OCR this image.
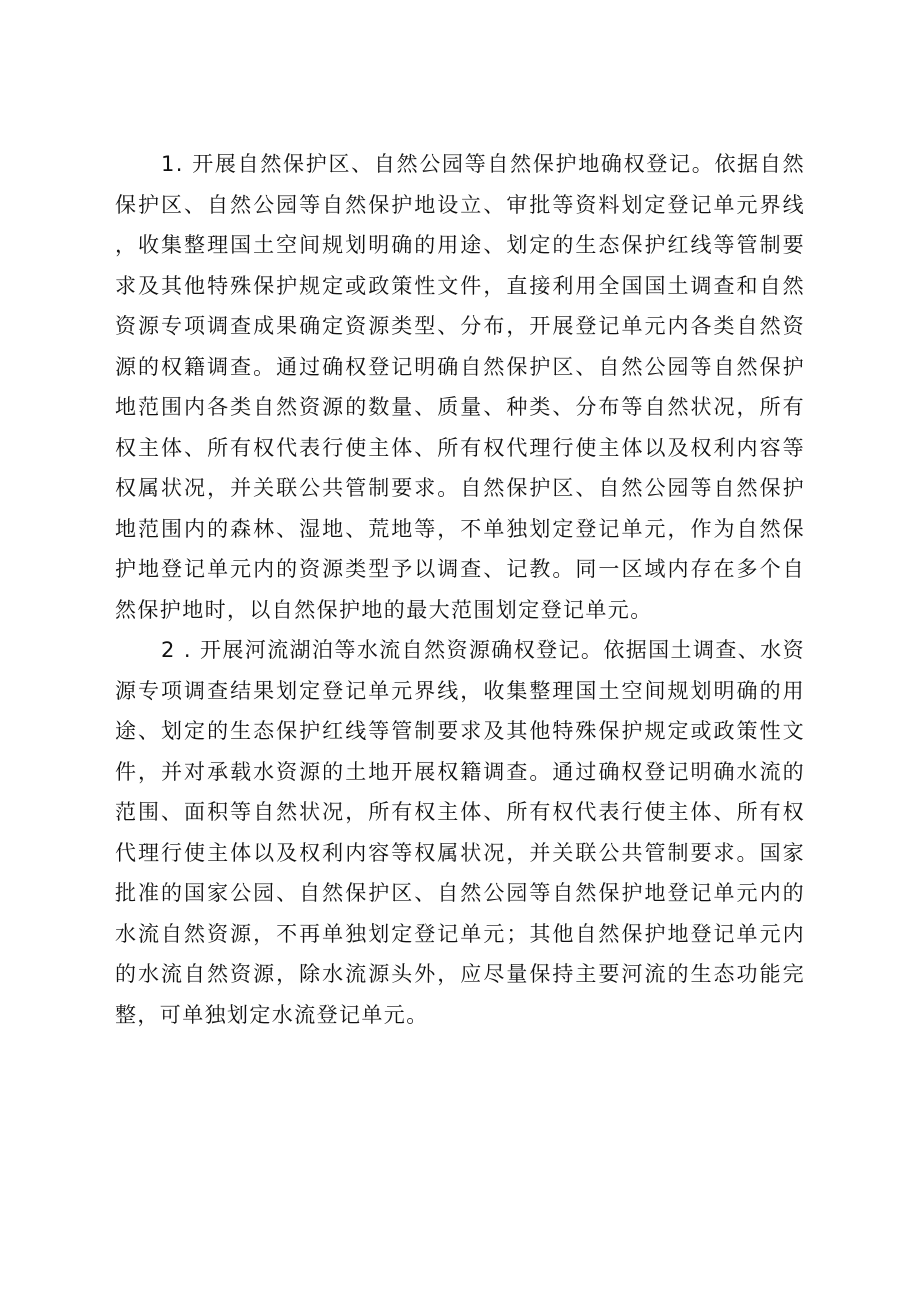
1. 开展自然保护区、自然公园等自然保护地确权登记。依据自然保护区、自然公园等自然保护地设立、审批等资料划定登记单元界线，收集整理国土空间规划明确的用途、划定的生态保护红线等管制要求及其他特殊保护规定或政策性文件，直接利用全国国土调查和自然资源专项调查成果确定资源类型、分布，开展登记单元内各类自然资源的权籍调查。通过确权登记明确自然保护区、自然公园等自然保护地范围内各类自然资源的数量、质量、种类、分布等自然状况，所有权主体、所有权代表行使主体、所有权代理行使主体以及权利内容等权属状况，并关联公共管制要求。自然保护区、自然公园等自然保护地范围内的森林、湿地、荒地等，不单独划定登记单元，作为自然保护地登记单元内的资源类型予以调查、记教。同一区域内存在多个自然保护地时，以自然保护地的最大范围划定登记单元。

2 . 开展河流湖泊等水流自然资源确权登记。依据国土调查、水资源专项调查结果划定登记单元界线，收集整理国土空间规划明确的用途、划定的生态保护红线等管制要求及其他特殊保护规定或政策性文件，并对承载水资源的土地开展权籍调查。通过确权登记明确水流的范围、面积等自然状况，所有权主体、所有权代表行使主体、所有权代理行使主体以及权利内容等权属状况，并关联公共管制要求。国家批准的国家公园、自然保护区、自然公园等自然保护地登记单元内的水流自然资源，不再单独划定登记单元；其他自然保护地登记单元内的水流自然资源，除水流源头外，应尽量保持主要河流的生态功能完整，可单独划定水流登记单元。
